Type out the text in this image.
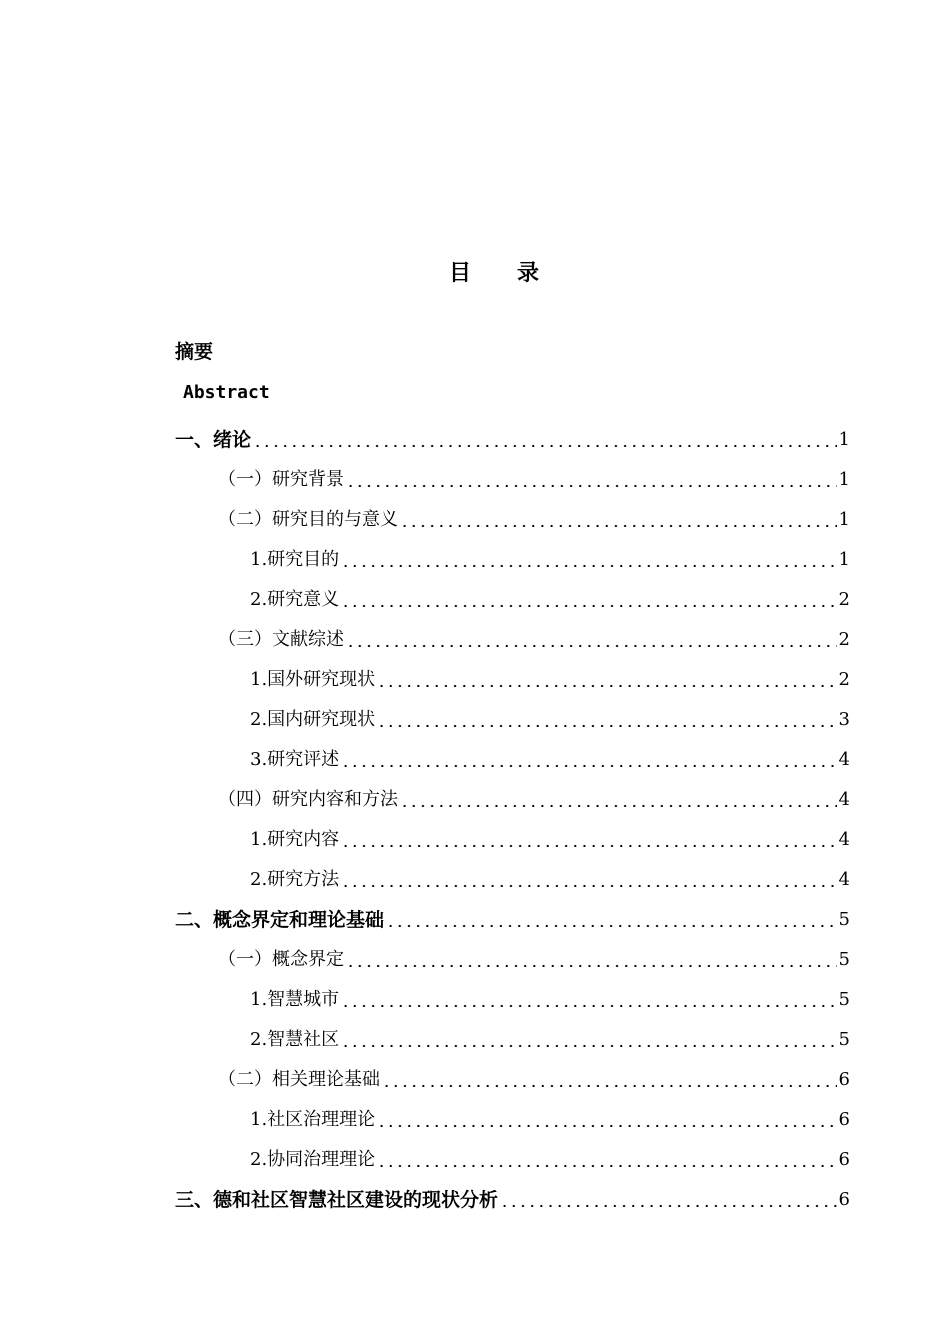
目 录
摘要
Abstract
一、绪论	1
（一）研究背景	1
（二）研究目的与意义	1
1.研究目的	1
2.研究意义	2
（三）文献综述	2
1.国外研究现状	2
2.国内研究现状	3
3.研究评述	4
（四）研究内容和方法	4
1.研究内容	4
2.研究方法	4
二、概念界定和理论基础	5
（一）概念界定	5
1.智慧城市	5
2.智慧社区	5
（二）相关理论基础	6
1.社区治理理论	6
2.协同治理理论	6
三、德和社区智慧社区建设的现状分析	6
